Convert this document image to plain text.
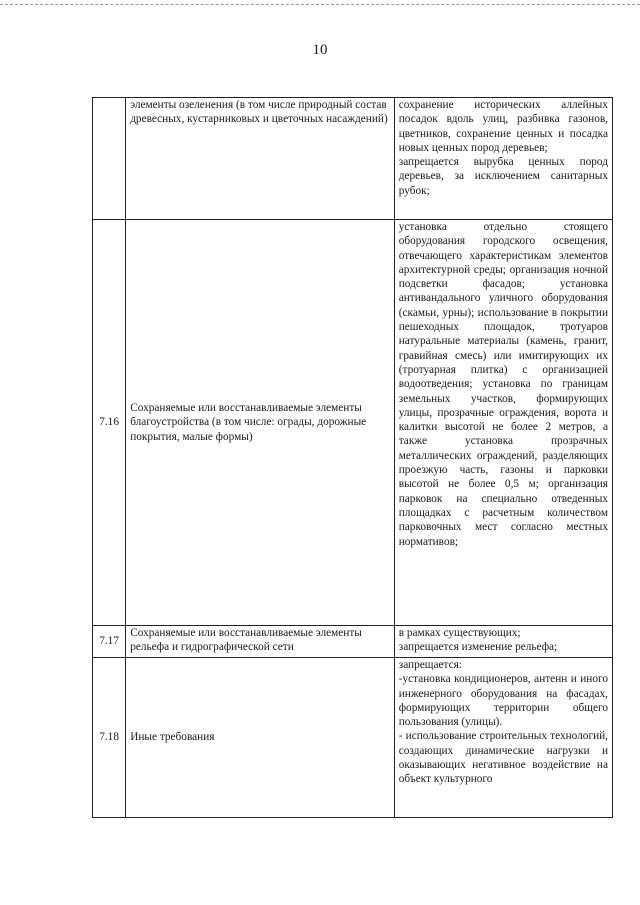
10
	элементы озеленения (в том числе природный состав древесных, кустарниковых и цветочных насаждений)	сохранение исторических аллейных посадок вдоль улиц, разбивка газонов, цветников, сохранение ценных и посадка новых ценных пород деревьев;
запрещается вырубка ценных пород деревьев, за исключением санитарных рубок;

7.16	Сохраняемые или восстанавливаемые элементы благоустройства (в том числе: ограды, дорожные покрытия, малые формы)	установка отдельно стоящего оборудования городского освещения, отвечающего характеристикам элементов архитектурной среды; организация ночной подсветки фасадов; установка антивандального уличного оборудования (скамьи, урны); использование в покрытии пешеходных площадок, тротуаров натуральные материалы (камень, гранит, гравийная смесь) или имитирующих их (тротуарная плитка) с организацией водоотведения; установка по границам земельных участков, формирующих улицы, прозрачные ограждения, ворота и калитки высотой не более 2 метров, а также установка прозрачных металлических ограждений, разделяющих проезжую часть, газоны и парковки высотой не более 0,5 м; организация парковок на специально отведенных площадках с расчетным количеством парковочных мест согласно местных нормативов;

7.17	Сохраняемые или восстанавливаемые элементы рельефа и гидрографической сети	в рамках существующих;
запрещается изменение рельефа;

7.18	Иные требования	запрещается:
-установка кондиционеров, антенн и иного инженерного оборудования на фасадах, формирующих территории общего пользования (улицы).
- использование строительных технологий, создающих динамические нагрузки и оказывающих негативное воздействие на объект культурного
